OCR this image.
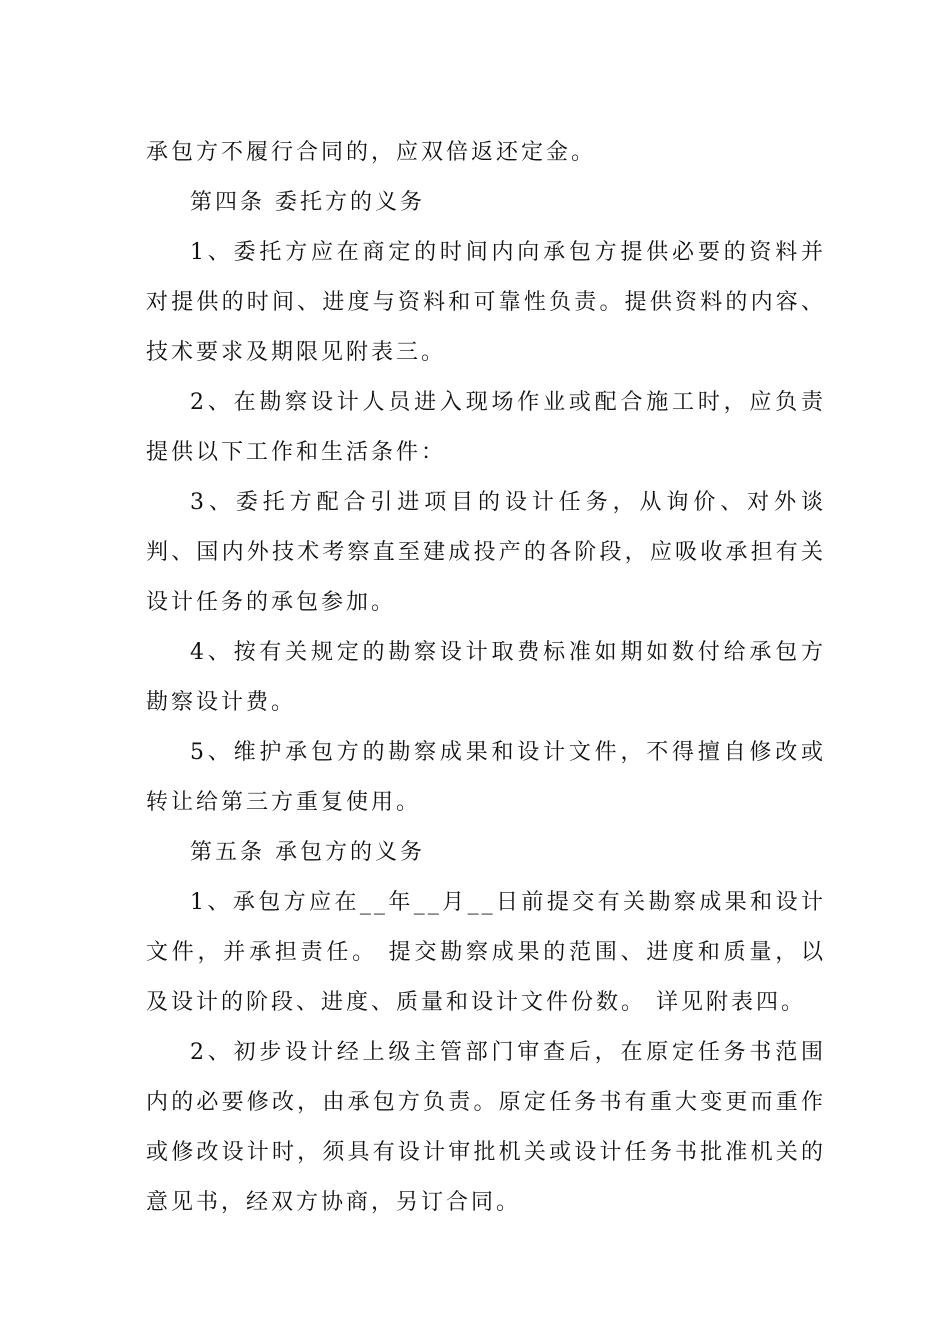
承包方不履行合同的，应双倍返还定金。

第四条 委托方的义务

1、委托方应在商定的时间内向承包方提供必要的资料并对提供的时间、进度与资料和可靠性负责。提供资料的内容、技术要求及期限见附表三。

2、在勘察设计人员进入现场作业或配合施工时，应负责提供以下工作和生活条件：

3、委托方配合引进项目的设计任务，从询价、对外谈判、国内外技术考察直至建成投产的各阶段，应吸收承担有关设计任务的承包参加。

4、按有关规定的勘察设计取费标准如期如数付给承包方勘察设计费。

5、维护承包方的勘察成果和设计文件，不得擅自修改或转让给第三方重复使用。

第五条 承包方的义务

1、承包方应在__年__月__日前提交有关勘察成果和设计文件，并承担责任。 提交勘察成果的范围、进度和质量，以及设计的阶段、进度、质量和设计文件份数。 详见附表四。

2、初步设计经上级主管部门审查后，在原定任务书范围内的必要修改，由承包方负责。原定任务书有重大变更而重作或修改设计时，须具有设计审批机关或设计任务书批准机关的意见书，经双方协商，另订合同。
